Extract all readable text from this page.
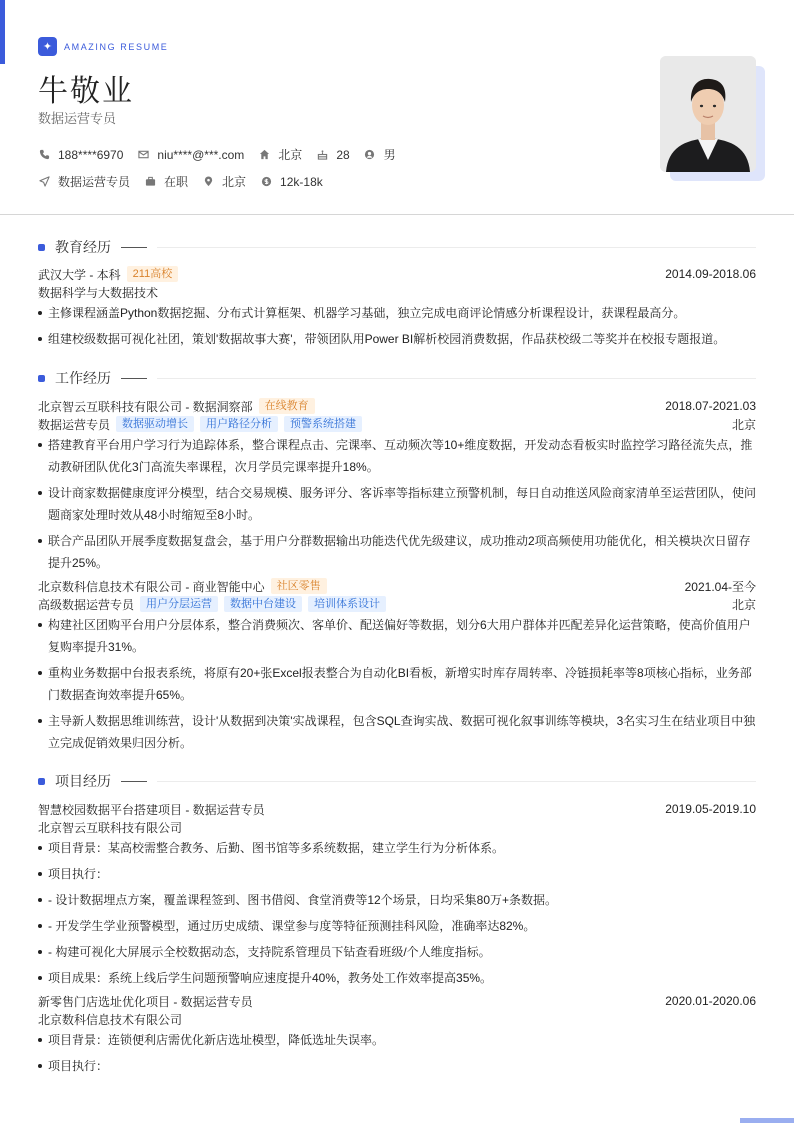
✦	AMAZING RESUME
牛敬业
数据运营专员
188****6970	niu****@***.com	北京	28	男
数据运营专员	在职	北京	12k-18k
教育经历
武汉大学 - 本科	211高校	2014.09-2018.06
数据科学与大数据技术
主修课程涵盖Python数据挖掘、分布式计算框架、机器学习基础，独立完成电商评论情感分析课程设计，获课程最高分。
组建校级数据可视化社团，策划'数据故事大赛'，带领团队用Power BI解析校园消费数据，作品获校级二等奖并在校报专题报道。
工作经历
北京智云互联科技有限公司 - 数据洞察部	在线教育	2018.07-2021.03
数据运营专员	数据驱动增长	用户路径分析	预警系统搭建	北京
搭建教育平台用户学习行为追踪体系，整合课程点击、完课率、互动频次等10+维度数据，开发动态看板实时监控学习路径流失点，推动教研团队优化3门高流失率课程，次月学员完课率提升18%。
设计商家数据健康度评分模型，结合交易规模、服务评分、客诉率等指标建立预警机制，每日自动推送风险商家清单至运营团队，使问题商家处理时效从48小时缩短至8小时。
联合产品团队开展季度数据复盘会，基于用户分群数据输出功能迭代优先级建议，成功推动2项高频使用功能优化，相关模块次日留存提升25%。
北京数科信息技术有限公司 - 商业智能中心	社区零售	2021.04-至今
高级数据运营专员	用户分层运营	数据中台建设	培训体系设计	北京
构建社区团购平台用户分层体系，整合消费频次、客单价、配送偏好等数据，划分6大用户群体并匹配差异化运营策略，使高价值用户复购率提升31%。
重构业务数据中台报表系统，将原有20+张Excel报表整合为自动化BI看板，新增实时库存周转率、冷链损耗率等8项核心指标，业务部门数据查询效率提升65%。
主导新人数据思维训练营，设计'从数据到决策'实战课程，包含SQL查询实战、数据可视化叙事训练等模块，3名实习生在结业项目中独立完成促销效果归因分析。
项目经历
智慧校园数据平台搭建项目 - 数据运营专员	2019.05-2019.10
北京智云互联科技有限公司
项目背景：某高校需整合教务、后勤、图书馆等多系统数据，建立学生行为分析体系。
项目执行：
- 设计数据埋点方案，覆盖课程签到、图书借阅、食堂消费等12个场景，日均采集80万+条数据。
- 开发学生学业预警模型，通过历史成绩、课堂参与度等特征预测挂科风险，准确率达82%。
- 构建可视化大屏展示全校数据动态，支持院系管理员下钻查看班级/个人维度指标。
项目成果：系统上线后学生问题预警响应速度提升40%，教务处工作效率提高35%。
新零售门店选址优化项目 - 数据运营专员	2020.01-2020.06
北京数科信息技术有限公司
项目背景：连锁便利店需优化新店选址模型，降低选址失误率。
项目执行：
